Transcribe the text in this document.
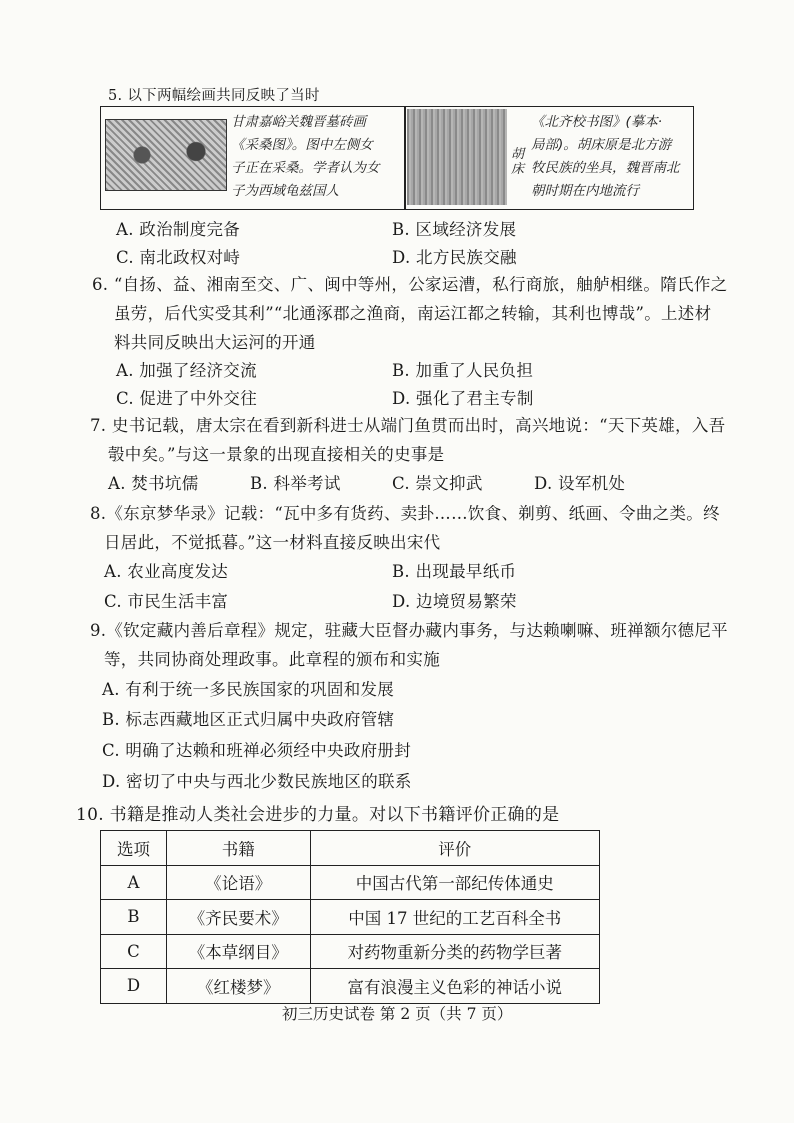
5. 以下两幅绘画共同反映了当时
甘肃嘉峪关魏晋墓砖画
《采桑图》。图中左侧女
子正在采桑。学者认为女
子为西域龟兹国人
胡床
《北齐校书图》(摹本·
局部)。胡床原是北方游
牧民族的坐具，魏晋南北
朝时期在内地流行
A. 政治制度完备	B. 区域经济发展
C. 南北政权对峙	D. 北方民族交融
6. “自扬、益、湘南至交、广、闽中等州，公家运漕，私行商旅，舳舻相继。隋氏作之
虽劳，后代实受其利”“北通涿郡之渔商，南运江都之转输，其利也博哉”。上述材
料共同反映出大运河的开通
A. 加强了经济交流	B. 加重了人民负担
C. 促进了中外交往	D. 强化了君主专制
7. 史书记载，唐太宗在看到新科进士从端门鱼贯而出时，高兴地说：“天下英雄，入吾
彀中矣。”与这一景象的出现直接相关的史事是
A. 焚书坑儒	B. 科举考试	C. 崇文抑武	D. 设军机处
8.《东京梦华录》记载：“瓦中多有货药、卖卦……饮食、剃剪、纸画、令曲之类。终
日居此，不觉抵暮。”这一材料直接反映出宋代
A. 农业高度发达	B. 出现最早纸币
C. 市民生活丰富	D. 边境贸易繁荣
9.《钦定藏内善后章程》规定，驻藏大臣督办藏内事务，与达赖喇嘛、班禅额尔德尼平
等，共同协商处理政事。此章程的颁布和实施
A. 有利于统一多民族国家的巩固和发展
B. 标志西藏地区正式归属中央政府管辖
C. 明确了达赖和班禅必须经中央政府册封
D. 密切了中央与西北少数民族地区的联系
10. 书籍是推动人类社会进步的力量。对以下书籍评价正确的是
选项	书籍	评价
A	《论语》	中国古代第一部纪传体通史
B	《齐民要术》	中国 17 世纪的工艺百科全书
C	《本草纲目》	对药物重新分类的药物学巨著
D	《红楼梦》	富有浪漫主义色彩的神话小说
初三历史试卷 第 2 页（共 7 页）
